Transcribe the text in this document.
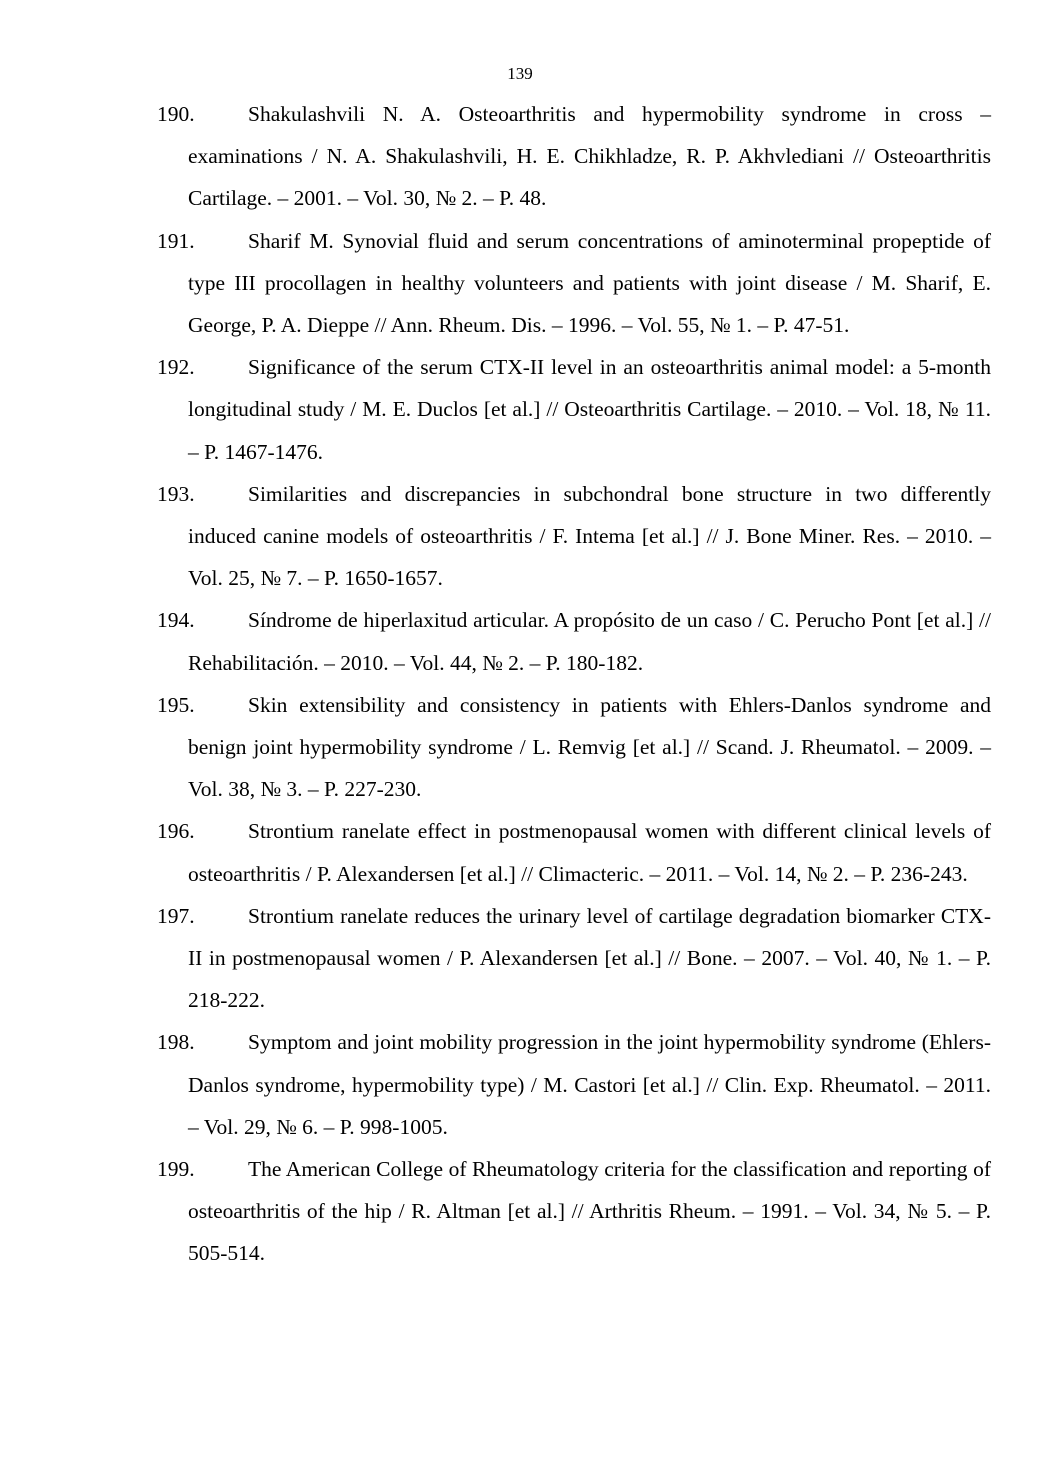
139
190.	Shakulashvili N. A. Osteoarthritis and hypermobility syndrome in cross – examinations / N. A. Shakulashvili, H. E. Chikhladze, R. P. Akhvlediani // Osteoarthritis Cartilage. – 2001. – Vol. 30, № 2. – P. 48.
191.	Sharif M. Synovial fluid and serum concentrations of aminoterminal propeptide of type III procollagen in healthy volunteers and patients with joint disease / M. Sharif, E. George, P. A. Dieppe // Ann. Rheum. Dis. – 1996. – Vol. 55, № 1. – P. 47-51.
192.	Significance of the serum CTX-II level in an osteoarthritis animal model: a 5-month longitudinal study / M. E. Duclos [et al.] // Osteoarthritis Cartilage. – 2010. – Vol. 18, № 11. – P. 1467-1476.
193.	Similarities and discrepancies in subchondral bone structure in two differently induced canine models of osteoarthritis / F. Intema [et al.] // J. Bone Miner. Res. – 2010. – Vol. 25, № 7. – P. 1650-1657.
194.	Síndrome de hiperlaxitud articular. A propósito de un caso / C. Perucho Pont [et al.] // Rehabilitación. – 2010. – Vol. 44, № 2. – P. 180-182.
195.	Skin extensibility and consistency in patients with Ehlers-Danlos syndrome and benign joint hypermobility syndrome / L. Remvig [et al.] // Scand. J. Rheumatol. – 2009. – Vol. 38, № 3. – P. 227-230.
196.	Strontium ranelate effect in postmenopausal women with different clinical levels of osteoarthritis / P. Alexandersen [et al.] // Climacteric. – 2011. – Vol. 14, № 2. – P. 236-243.
197.	Strontium ranelate reduces the urinary level of cartilage degradation biomarker CTX-II in postmenopausal women / P. Alexandersen [et al.] // Bone. – 2007. – Vol. 40, № 1. – P. 218-222.
198.	Symptom and joint mobility progression in the joint hypermobility syndrome (Ehlers-Danlos syndrome, hypermobility type) / M. Castori [et al.] // Clin. Exp. Rheumatol. – 2011. – Vol. 29, № 6. – P. 998-1005.
199.	The American College of Rheumatology criteria for the classification and reporting of osteoarthritis of the hip / R. Altman [et al.] // Arthritis Rheum. – 1991. – Vol. 34, № 5. – P. 505-514.
